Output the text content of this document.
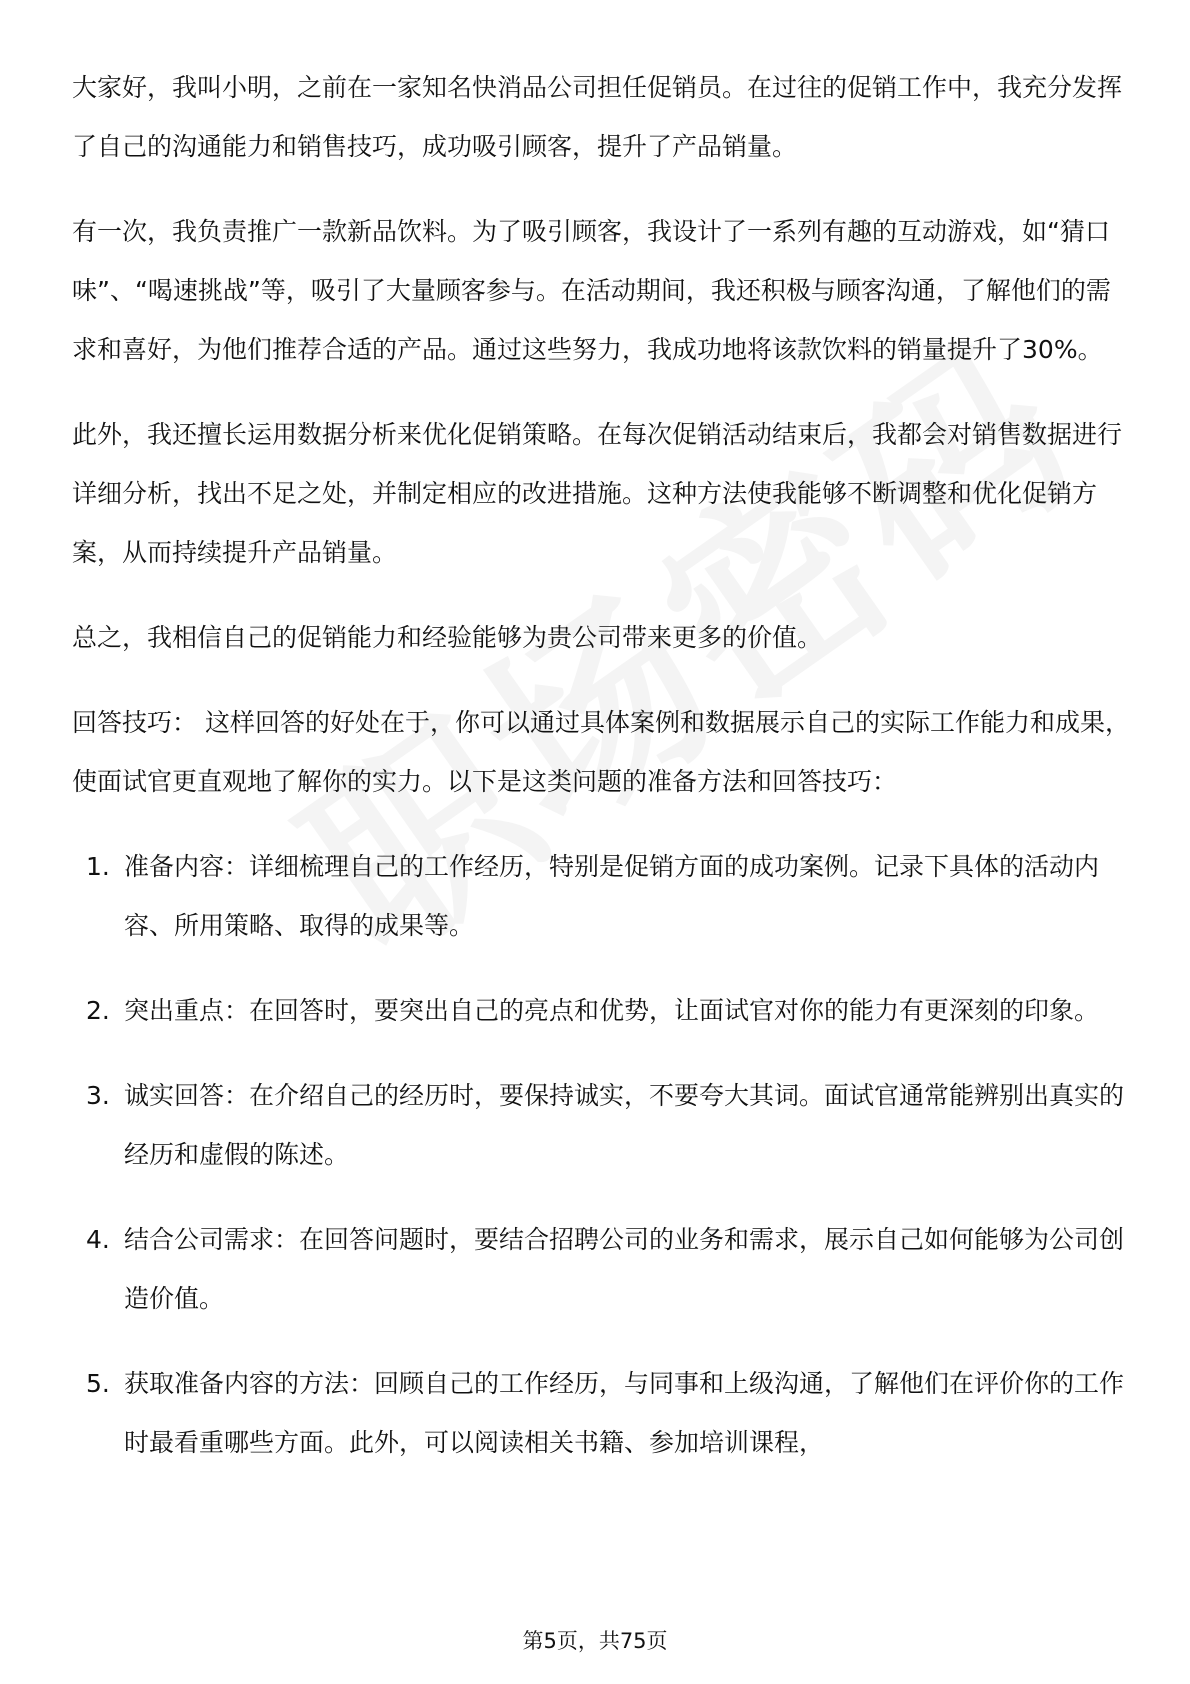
大家好，我叫小明，之前在一家知名快消品公司担任促销员。在过往的促销工作中，我充分发挥了自己的沟通能力和销售技巧，成功吸引顾客，提升了产品销量。

有一次，我负责推广一款新品饮料。为了吸引顾客，我设计了一系列有趣的互动游戏，如“猜口味”、“喝速挑战”等，吸引了大量顾客参与。在活动期间，我还积极与顾客沟通，了解他们的需求和喜好，为他们推荐合适的产品。通过这些努力，我成功地将该款饮料的销量提升了30%。

此外，我还擅长运用数据分析来优化促销策略。在每次促销活动结束后，我都会对销售数据进行详细分析，找出不足之处，并制定相应的改进措施。这种方法使我能够不断调整和优化促销方案，从而持续提升产品销量。

总之，我相信自己的促销能力和经验能够为贵公司带来更多的价值。

回答技巧： 这样回答的好处在于，你可以通过具体案例和数据展示自己的实际工作能力和成果，使面试官更直观地了解你的实力。以下是这类问题的准备方法和回答技巧：

1. 准备内容：详细梳理自己的工作经历，特别是促销方面的成功案例。记录下具体的活动内容、所用策略、取得的成果等。
2. 突出重点：在回答时，要突出自己的亮点和优势，让面试官对你的能力有更深刻的印象。
3. 诚实回答：在介绍自己的经历时，要保持诚实，不要夸大其词。面试官通常能辨别出真实的经历和虚假的陈述。
4. 结合公司需求：在回答问题时，要结合招聘公司的业务和需求，展示自己如何能够为公司创造价值。
5. 获取准备内容的方法：回顾自己的工作经历，与同事和上级沟通，了解他们在评价你的工作时最看重哪些方面。此外，可以阅读相关书籍、参加培训课程，
第5页，共75页
